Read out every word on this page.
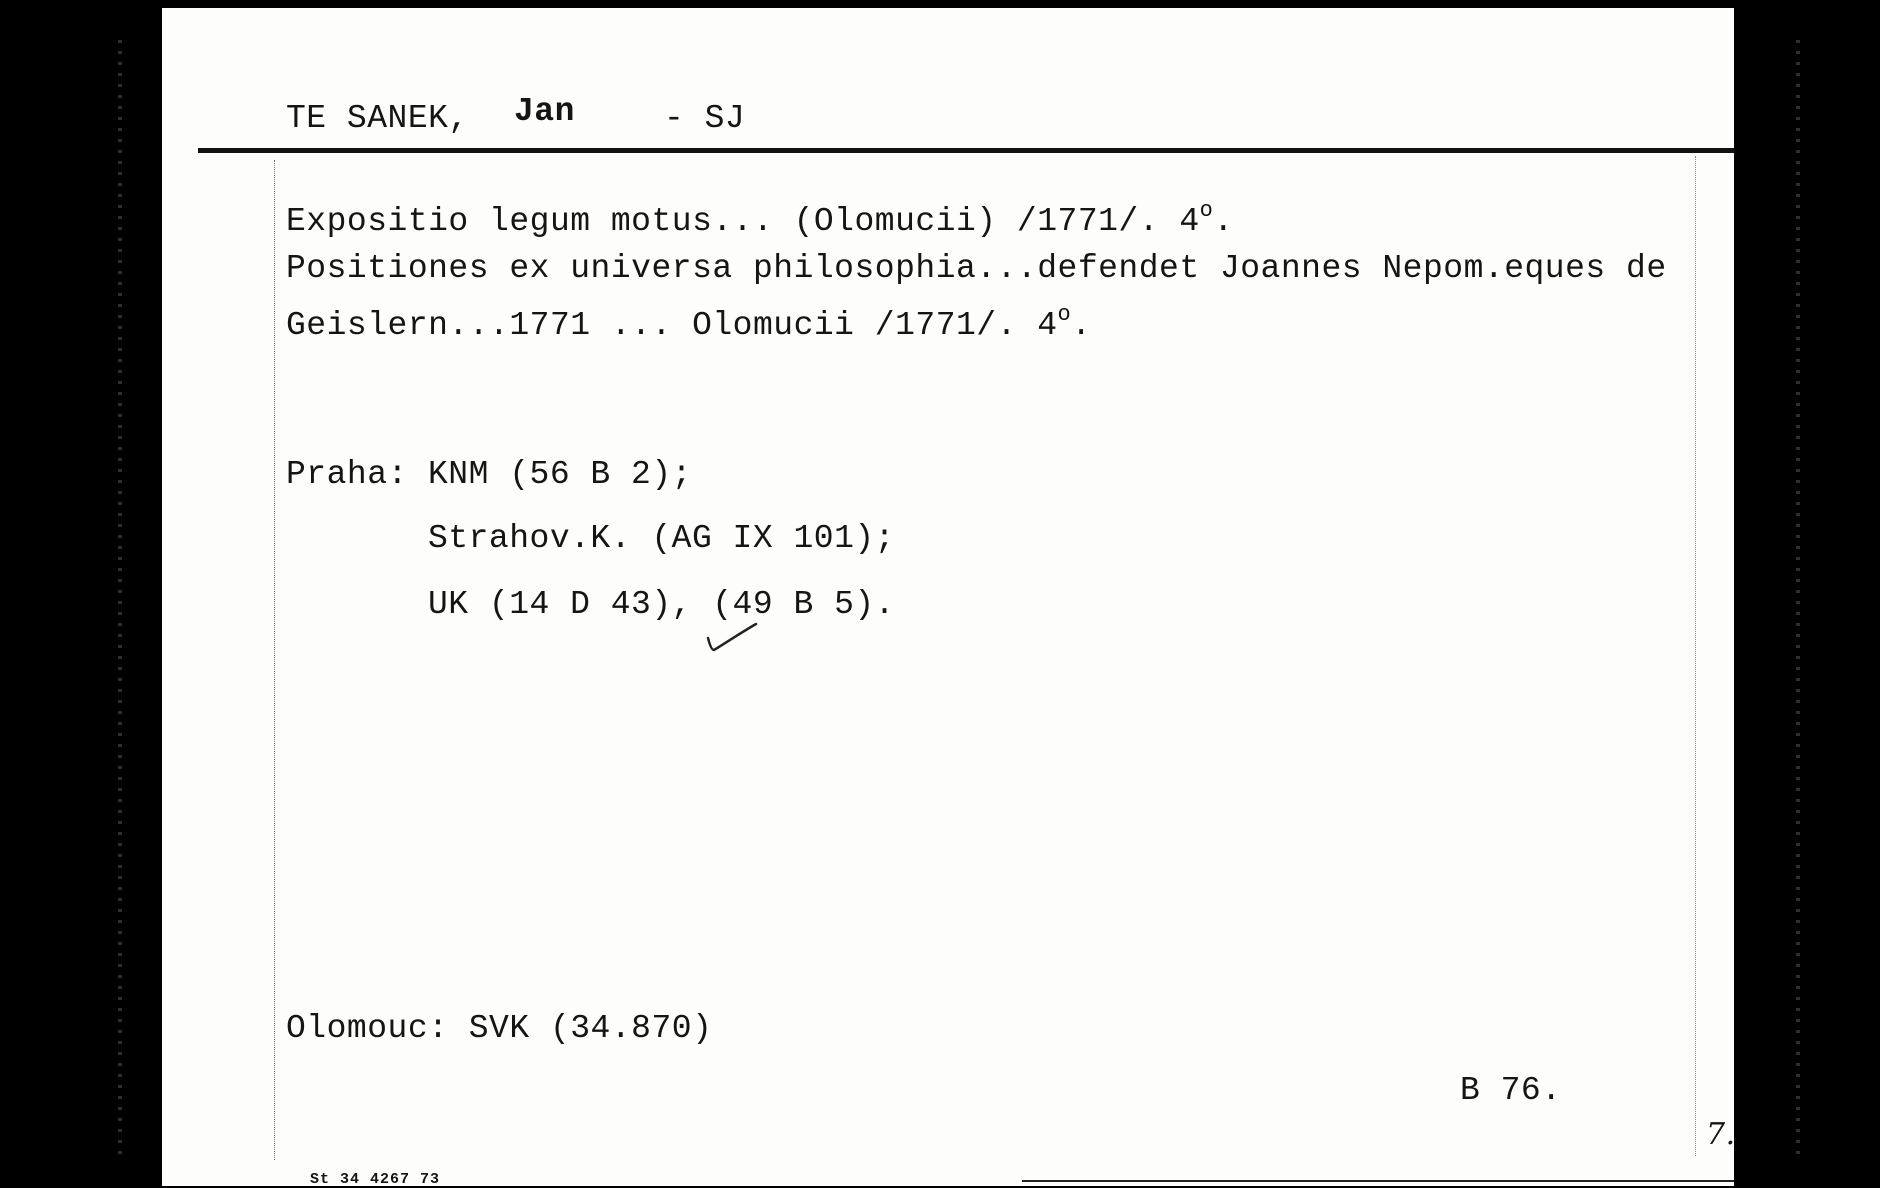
TE SANEK, Jan	- SJ
Expositio legum motus... (Olomucii) /1771/. 4$^o$.
Positiones ex universa philosophia...defendet Joannes Nepom.eques de
Geislern...1771 ... Olomucii /1771/. 4$^o$.
Praha: KNM (56 B 2);
Strahov.K. (AG IX 101);
UK (14 D 43), (49 B 5).
Olomouc: SVK (34.870)
B 76.
7.
St 34 4267 73
